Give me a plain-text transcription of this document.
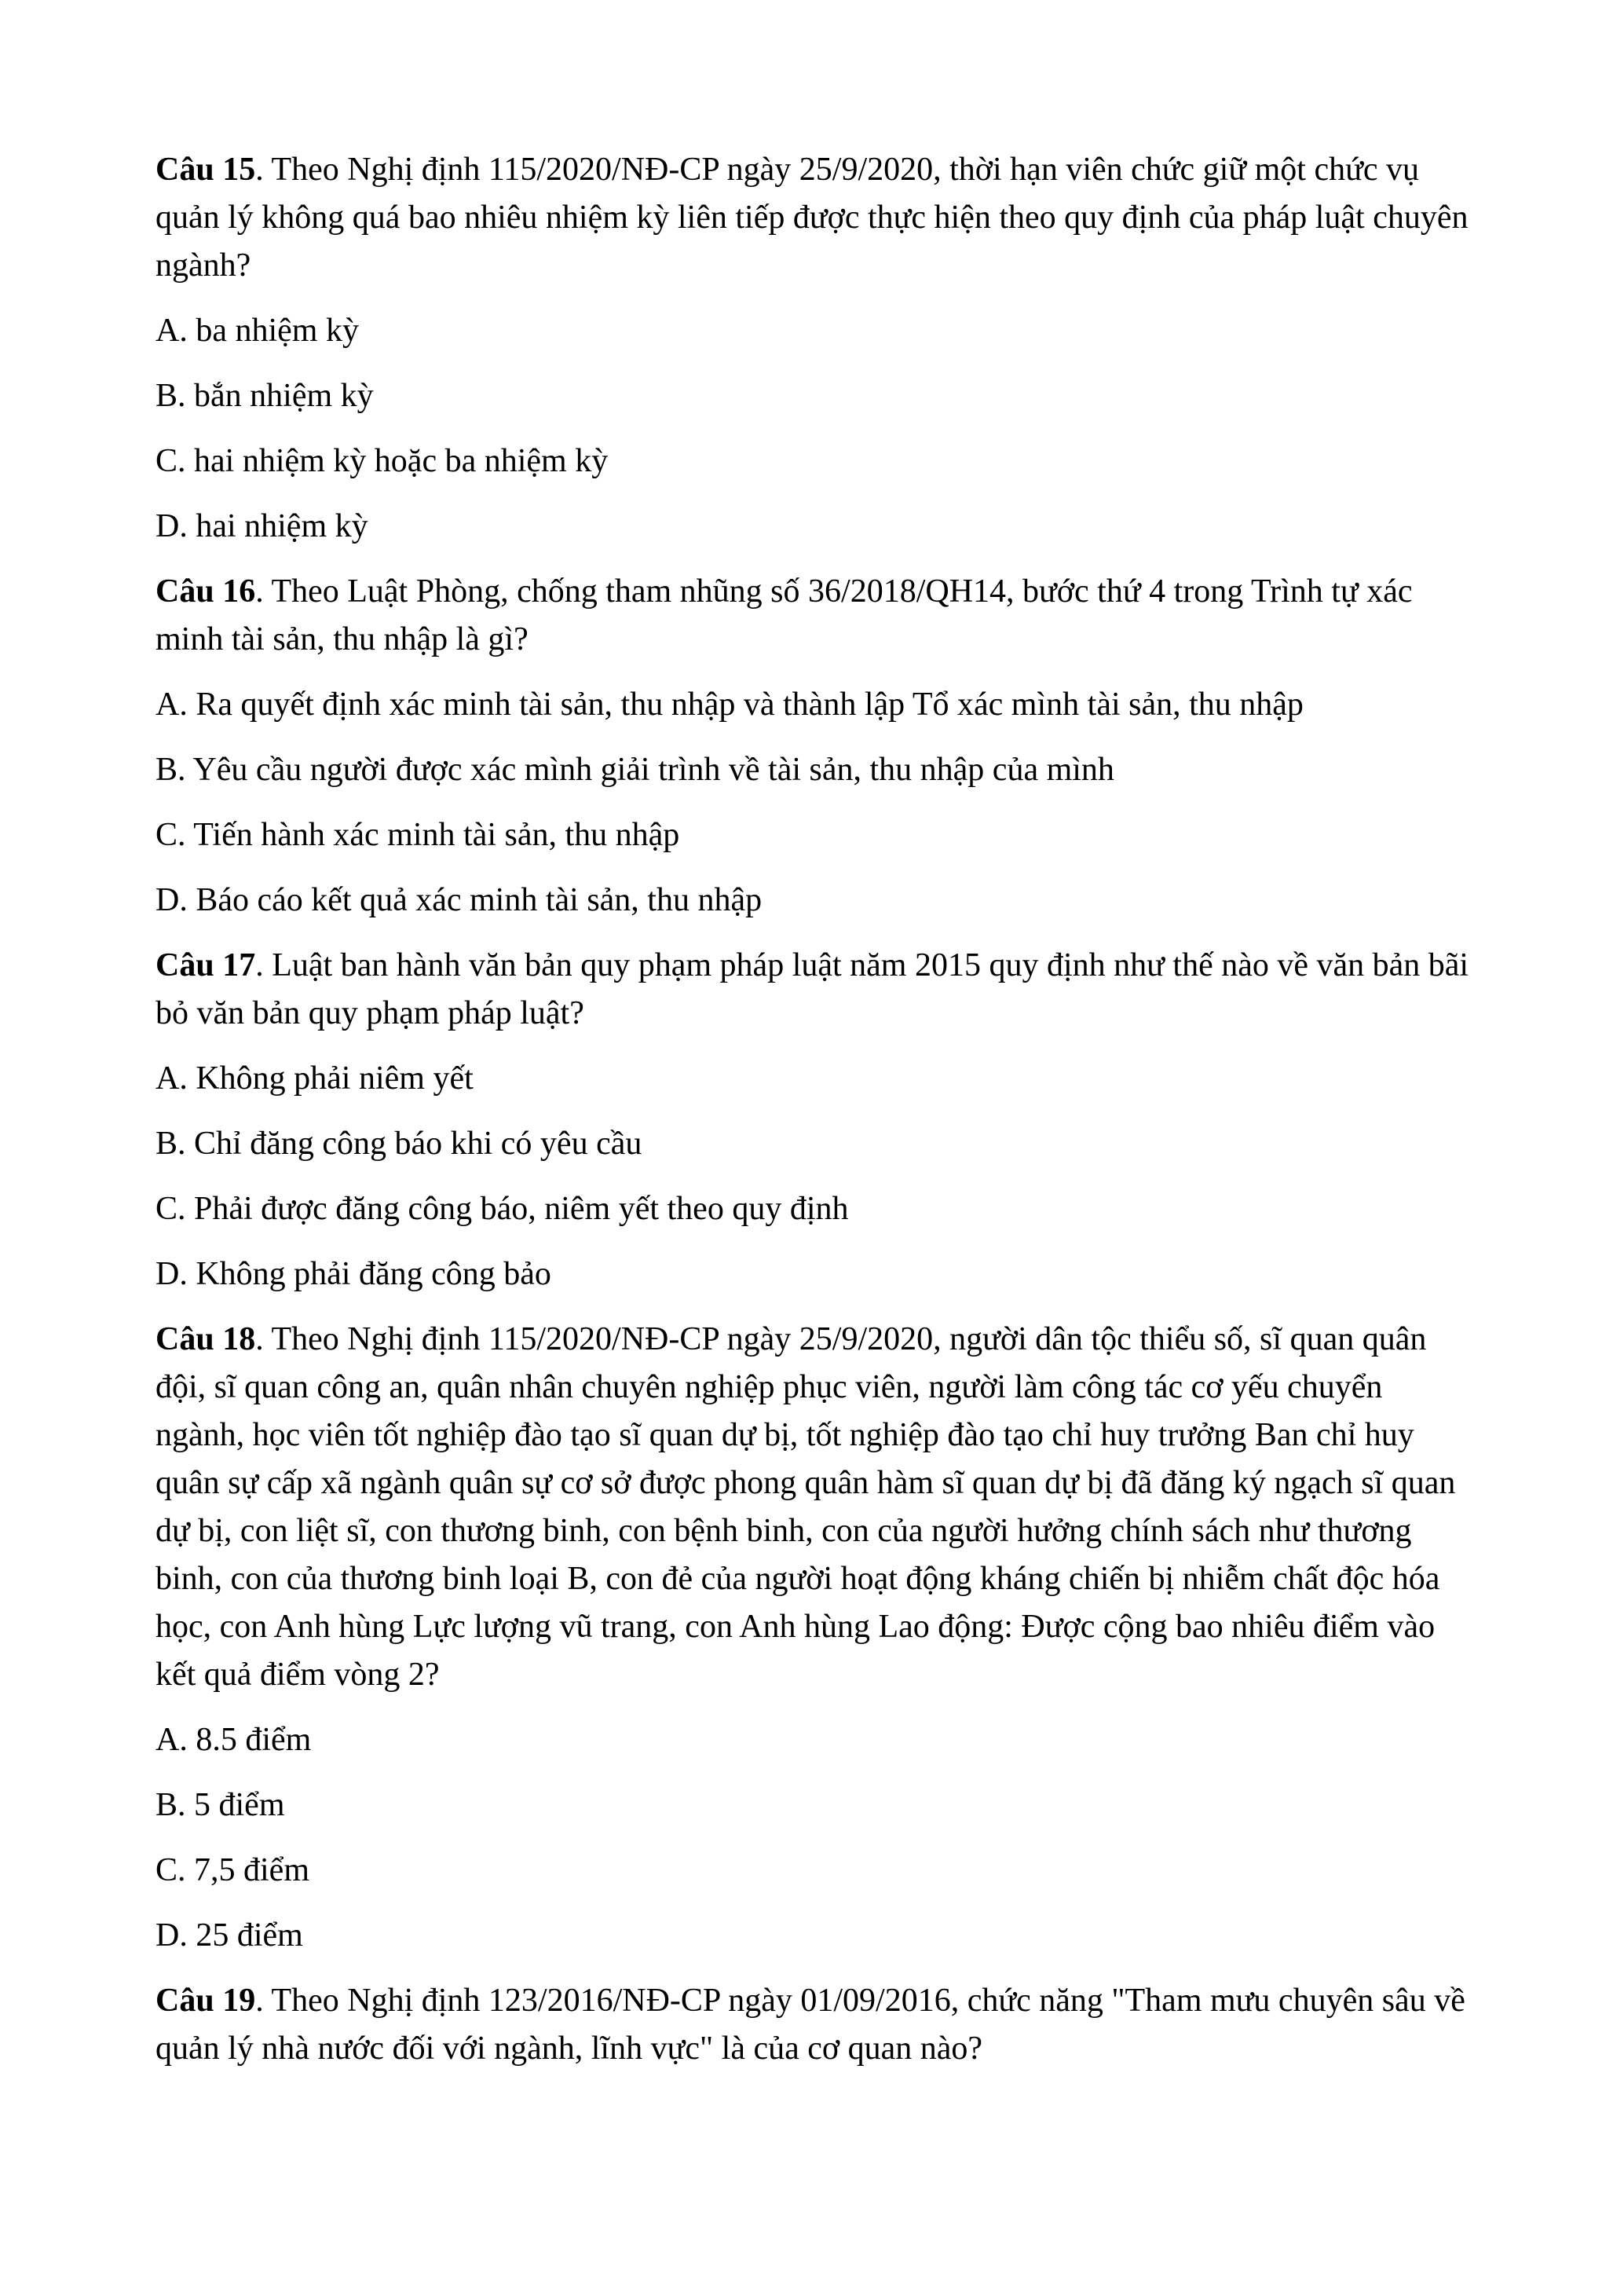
Câu 15. Theo Nghị định 115/2020/NĐ-CP ngày 25/9/2020, thời hạn viên chức giữ một chức vụ quản lý không quá bao nhiêu nhiệm kỳ liên tiếp được thực hiện theo quy định của pháp luật chuyên ngành?

A. ba nhiệm kỳ

B. bắn nhiệm kỳ

C. hai nhiệm kỳ hoặc ba nhiệm kỳ

D. hai nhiệm kỳ

Câu 16. Theo Luật Phòng, chống tham nhũng số 36/2018/QH14, bước thứ 4 trong Trình tự xác minh tài sản, thu nhập là gì?

A. Ra quyết định xác minh tài sản, thu nhập và thành lập Tổ xác mình tài sản, thu nhập

B. Yêu cầu người được xác mình giải trình về tài sản, thu nhập của mình

C. Tiến hành xác minh tài sản, thu nhập

D. Báo cáo kết quả xác minh tài sản, thu nhập

Câu 17. Luật ban hành văn bản quy phạm pháp luật năm 2015 quy định như thế nào về văn bản bãi bỏ văn bản quy phạm pháp luật?

A. Không phải niêm yết

B. Chỉ đăng công báo khi có yêu cầu

C. Phải được đăng công báo, niêm yết theo quy định

D. Không phải đăng công bảo

Câu 18. Theo Nghị định 115/2020/NĐ-CP ngày 25/9/2020, người dân tộc thiểu số, sĩ quan quân đội, sĩ quan công an, quân nhân chuyên nghiệp phục viên, người làm công tác cơ yếu chuyển ngành, học viên tốt nghiệp đào tạo sĩ quan dự bị, tốt nghiệp đào tạo chỉ huy trưởng Ban chỉ huy quân sự cấp xã ngành quân sự cơ sở được phong quân hàm sĩ quan dự bị đã đăng ký ngạch sĩ quan dự bị, con liệt sĩ, con thương binh, con bệnh binh, con của người hưởng chính sách như thương binh, con của thương binh loại B, con đẻ của người hoạt động kháng chiến bị nhiễm chất độc hóa học, con Anh hùng Lực lượng vũ trang, con Anh hùng Lao động: Được cộng bao nhiêu điểm vào kết quả điểm vòng 2?

A. 8.5 điểm

B. 5 điểm

C. 7,5 điểm

D. 25 điểm

Câu 19. Theo Nghị định 123/2016/NĐ-CP ngày 01/09/2016, chức năng "Tham mưu chuyên sâu về quản lý nhà nước đối với ngành, lĩnh vực" là của cơ quan nào?
